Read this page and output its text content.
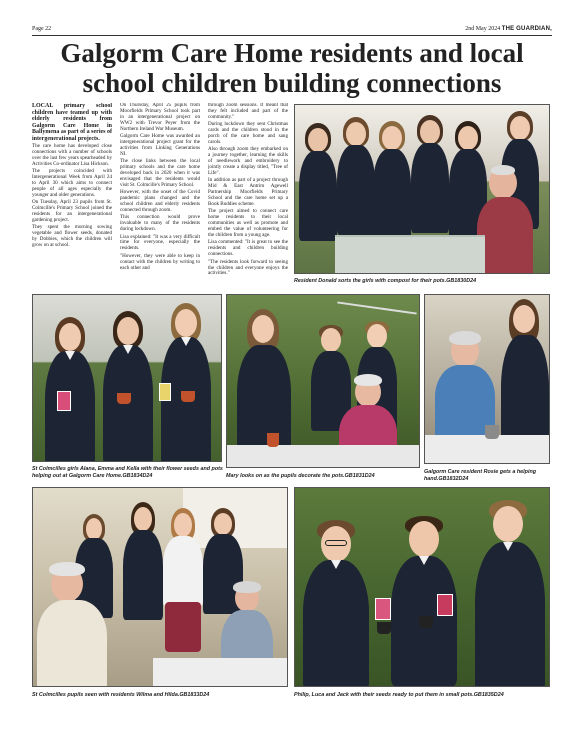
Page 22	2nd May 2024 THE GUARDIAN,
Galgorm Care Home residents and local school children building connections

LOCAL primary school children have teamed up with elderly residents from Galgorm Care Home in Ballymena as part of a series of intergenerational projects.

The care home has developed close connections with a number of schools over the last few years spearheaded by Activities Co-ordinator Lisa Hickson.

The projects coincided with Intergenerational Week from April 24 to April 30 which aims to connect people of all ages especially the younger and older generations.

On Tuesday, April 23 pupils from St. Colmcille's Primary School joined the residents for an intergenerational gardening project.

They spent the morning sowing vegetable and flower seeds, donated by Dobbies, which the children will grow on at school.

On Thursday, April 25 pupils from Moorfields Primary School took part in an intergenerational project on WW2 with Trevor Peyer from the Northern Ireland War Museum.

Galgorm Care Home was awarded an intergenerational project grant for the activities from Linking Generations NI.

The close links between the local primary schools and the care home developed back in 2020 when it was envisaged that the residents would visit St. Colmcille's Primary School.

However, with the onset of the Covid pandemic plans changed and the school children and elderly residents connected through zoom.

This connection would prove invaluable to many of the residents during lockdown.

Lisa explained: "It was a very difficult time for everyone, especially the residents.

"However, they were able to keep in contact with the children by writing to each other and

through zoom sessions. It meant that they felt included and part of the community."

During lockdown they sent Christmas cards and the children stood in the porch of the care home and sang carols.

Also through zoom they embarked on a journey together, learning the skills of needlework and embroidery to jointly create a display titled, "Tree of Life".

In addition as part of a project through Mid & East Antrim Agewell Partnership Moorfields Primary School and the care home set up a Book Buddies scheme.

The project aimed to connect care home residents to their local communities as well as promote and embed the value of volunteering for the children from a young age.

Lisa commented: "It is great to see the residents and children building connections.

"The residents look forward to seeing the children and everyone enjoys the activities."

Resident Donald sorts the girls with compost for their pots.GB1830D24
St Colmcilles girls Alana, Emma and Kella with their flower seeds and pots helping out at Galgorm Care Home.GB1834D24	Mary looks on as the pupils decorate the pots.GB1831D24
Galgorm Care resident Rosie gets a helping hand.GB1832D24
St Colmcilles pupils seen with residents Wilma and Hilda.GB1833D24	Philip, Luca and Jack with their seeds ready to put them in small pots.GB1835D24
